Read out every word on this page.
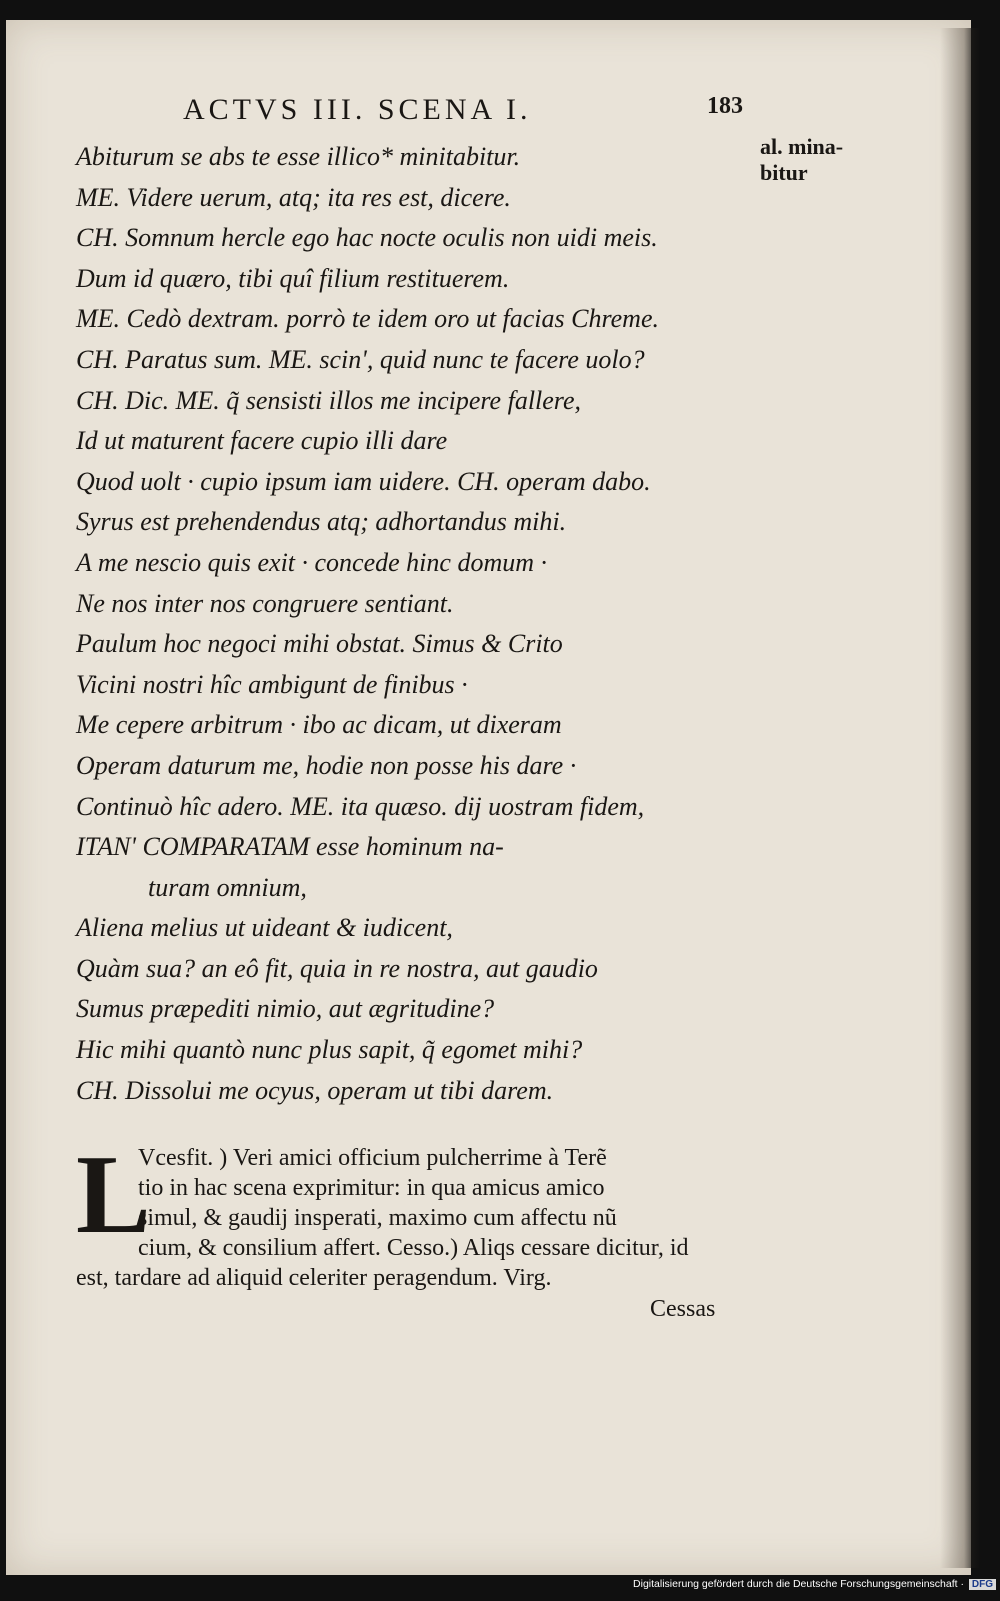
ACTVS III. SCENA I.	183
al. mina-
bitur
Abiturum se abs te esse illico* minitabitur.
ME. Videre uerum, atq; ita res est, dicere.
CH. Somnum hercle ego hac nocte oculis non uidi meis.
Dum id quæro, tibi quî filium restituerem.
ME. Cedò dextram. porrò te idem oro ut facias Chreme.
CH. Paratus sum. ME. scin', quid nunc te facere uolo?
CH. Dic. ME. q̃ sensisti illos me incipere fallere,
Id ut maturent facere cupio illi dare
Quod uolt · cupio ipsum iam uidere. CH. operam dabo.
Syrus est prehendendus atq; adhortandus mihi.
A me nescio quis exit · concede hinc domum ·
Ne nos inter nos congruere sentiant.
Paulum hoc negoci mihi obstat. Simus & Crito
Vicini nostri hîc ambigunt de finibus ·
Me cepere arbitrum · ibo ac dicam, ut dixeram
Operam daturum me, hodie non posse his dare ·
Continuò hîc adero. ME. ita quæso. dij uostram fidem,
ITAN' COMPARATAM esse hominum na-
turam omnium,
Aliena melius ut uideant & iudicent,
Quàm sua? an eô fit, quia in re nostra, aut gaudio
Sumus præpediti nimio, aut ægritudine?
Hic mihi quantò nunc plus sapit, q̃ egomet mihi?
CH. Dissolui me ocyus, operam ut tibi darem.
L
Vcesfit. ) Veri amici officium pulcherrime à Terẽ
tio in hac scena exprimitur: in qua amicus amico
simul, & gaudij insperati, maximo cum affectu nũ
cium, & consilium affert. Cesso.) Aliqs cessare dicitur, id
est, tardare ad aliquid celeriter peragendum. Virg.
Cessas
Digitalisierung gefördert durch die Deutsche Forschungsgemeinschaft · DFG
